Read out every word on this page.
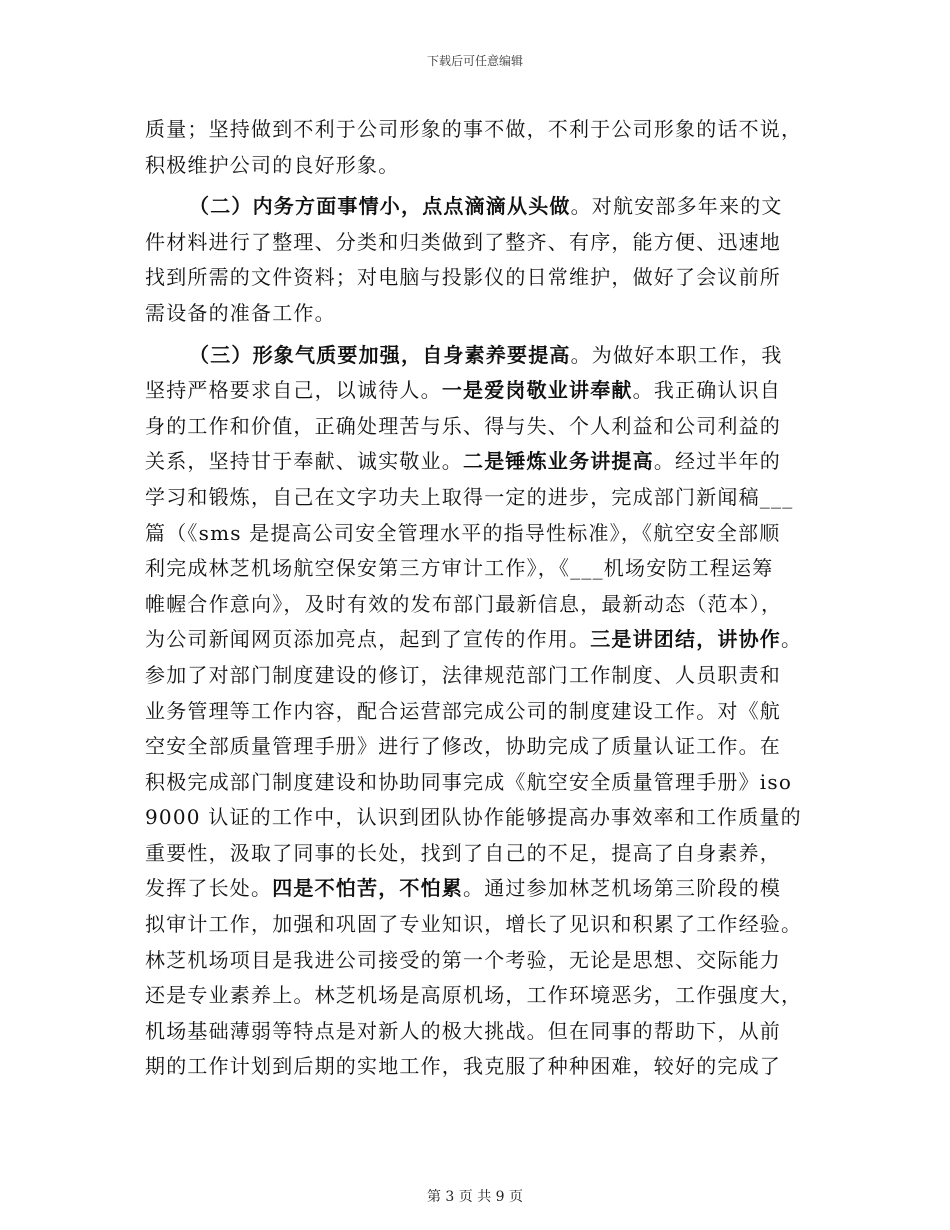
下载后可任意编辑
质量；坚持做到不利于公司形象的事不做，不利于公司形象的话不说，
积极维护公司的良好形象。
（二）内务方面事情小，点点滴滴从头做。对航安部多年来的文
件材料进行了整理、分类和归类做到了整齐、有序，能方便、迅速地
找到所需的文件资料；对电脑与投影仪的日常维护，做好了会议前所
需设备的准备工作。
（三）形象气质要加强，自身素养要提高。为做好本职工作，我
坚持严格要求自己，以诚待人。一是爱岗敬业讲奉献。我正确认识自
身的工作和价值，正确处理苦与乐、得与失、个人利益和公司利益的
关系，坚持甘于奉献、诚实敬业。二是锤炼业务讲提高。经过半年的
学习和锻炼，自己在文字功夫上取得一定的进步，完成部门新闻稿___
篇（《sms 是提高公司安全管理水平的指导性标准》，《航空安全部顺
利完成林芝机场航空保安第三方审计工作》，《___机场安防工程运筹
帷幄合作意向》，及时有效的发布部门最新信息，最新动态（范本），
为公司新闻网页添加亮点，起到了宣传的作用。三是讲团结，讲协作。
参加了对部门制度建设的修订，法律规范部门工作制度、人员职责和
业务管理等工作内容，配合运营部完成公司的制度建设工作。对《航
空安全部质量管理手册》进行了修改，协助完成了质量认证工作。在
积极完成部门制度建设和协助同事完成《航空安全质量管理手册》iso
9000 认证的工作中，认识到团队协作能够提高办事效率和工作质量的
重要性，汲取了同事的长处，找到了自己的不足，提高了自身素养，
发挥了长处。四是不怕苦，不怕累。通过参加林芝机场第三阶段的模
拟审计工作，加强和巩固了专业知识，增长了见识和积累了工作经验。
林芝机场项目是我进公司接受的第一个考验，无论是思想、交际能力
还是专业素养上。林芝机场是高原机场，工作环境恶劣，工作强度大，
机场基础薄弱等特点是对新人的极大挑战。但在同事的帮助下，从前
期的工作计划到后期的实地工作，我克服了种种困难，较好的完成了
第 3 页 共 9 页
